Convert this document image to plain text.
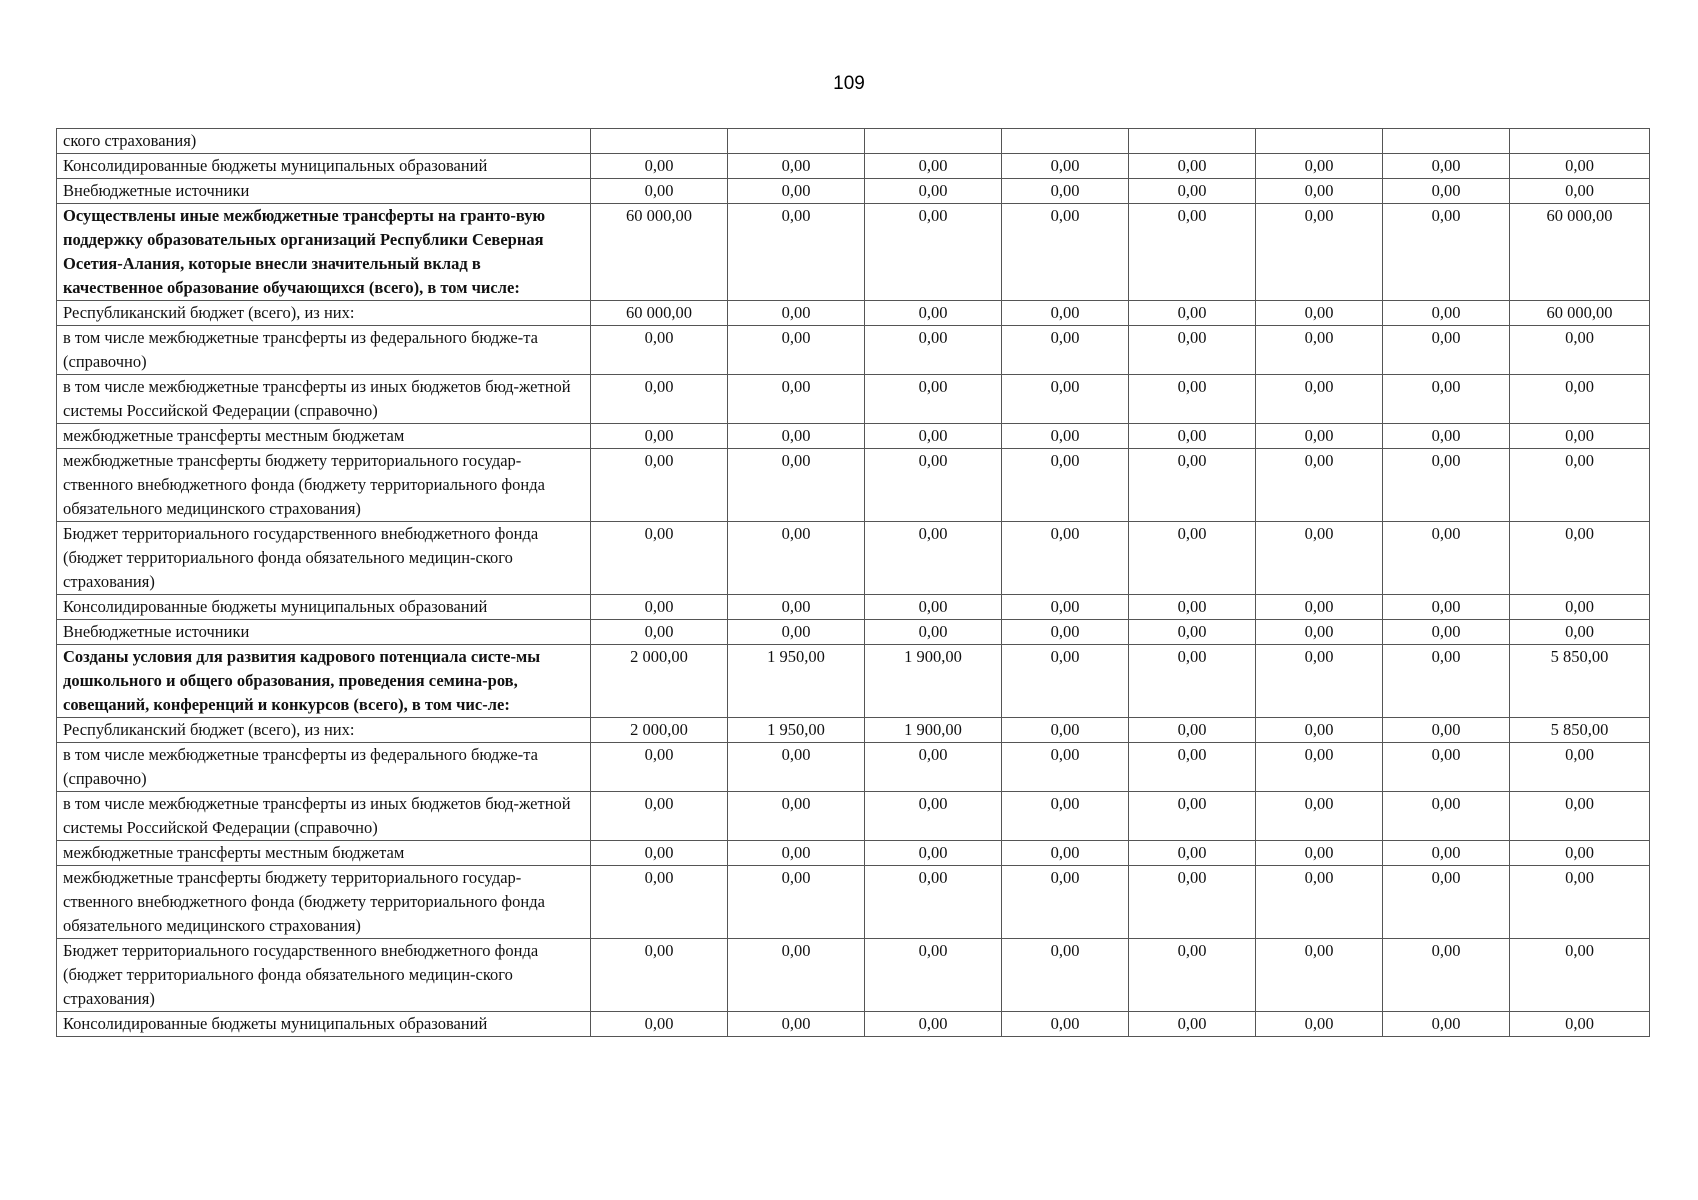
109
ского страхования)								
Консолидированные бюджеты муниципальных образований	0,00	0,00	0,00	0,00	0,00	0,00	0,00	0,00
Внебюджетные источники	0,00	0,00	0,00	0,00	0,00	0,00	0,00	0,00
Осуществлены иные межбюджетные трансферты на гранто-вую поддержку образовательных организаций Республики Северная Осетия-Алания, которые внесли значительный вклад в качественное образование обучающихся (всего), в том числе:	60 000,00	0,00	0,00	0,00	0,00	0,00	0,00	60 000,00
Республиканский бюджет (всего), из них:	60 000,00	0,00	0,00	0,00	0,00	0,00	0,00	60 000,00
в том числе межбюджетные трансферты из федерального бюдже-та (справочно)	0,00	0,00	0,00	0,00	0,00	0,00	0,00	0,00
в том числе межбюджетные трансферты из иных бюджетов бюд-жетной системы Российской Федерации (справочно)	0,00	0,00	0,00	0,00	0,00	0,00	0,00	0,00
межбюджетные трансферты местным бюджетам	0,00	0,00	0,00	0,00	0,00	0,00	0,00	0,00
межбюджетные трансферты бюджету территориального государ-ственного внебюджетного фонда (бюджету территориального фонда обязательного медицинского страхования)	0,00	0,00	0,00	0,00	0,00	0,00	0,00	0,00
Бюджет территориального государственного внебюджетного фонда (бюджет территориального фонда обязательного медицин-ского страхования)	0,00	0,00	0,00	0,00	0,00	0,00	0,00	0,00
Консолидированные бюджеты муниципальных образований	0,00	0,00	0,00	0,00	0,00	0,00	0,00	0,00
Внебюджетные источники	0,00	0,00	0,00	0,00	0,00	0,00	0,00	0,00
Созданы условия для развития кадрового потенциала систе-мы дошкольного и общего образования, проведения семина-ров, совещаний, конференций и конкурсов (всего), в том чис-ле:	2 000,00	1 950,00	1 900,00	0,00	0,00	0,00	0,00	5 850,00
Республиканский бюджет (всего), из них:	2 000,00	1 950,00	1 900,00	0,00	0,00	0,00	0,00	5 850,00
в том числе межбюджетные трансферты из федерального бюдже-та (справочно)	0,00	0,00	0,00	0,00	0,00	0,00	0,00	0,00
в том числе межбюджетные трансферты из иных бюджетов бюд-жетной системы Российской Федерации (справочно)	0,00	0,00	0,00	0,00	0,00	0,00	0,00	0,00
межбюджетные трансферты местным бюджетам	0,00	0,00	0,00	0,00	0,00	0,00	0,00	0,00
межбюджетные трансферты бюджету территориального государ-ственного внебюджетного фонда (бюджету территориального фонда обязательного медицинского страхования)	0,00	0,00	0,00	0,00	0,00	0,00	0,00	0,00
Бюджет территориального государственного внебюджетного фонда (бюджет территориального фонда обязательного медицин-ского страхования)	0,00	0,00	0,00	0,00	0,00	0,00	0,00	0,00
Консолидированные бюджеты муниципальных образований	0,00	0,00	0,00	0,00	0,00	0,00	0,00	0,00
